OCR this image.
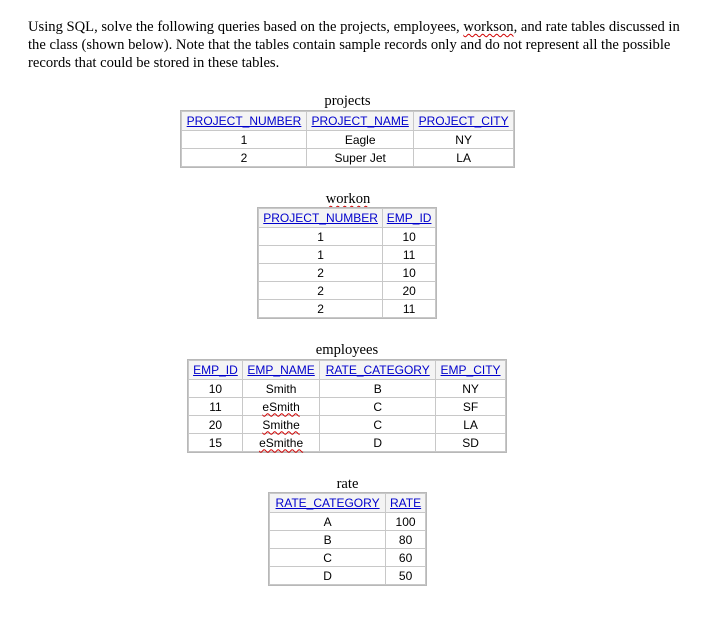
Using SQL, solve the following queries based on the projects, employees, workson, and rate tables discussed in the class (shown below). Note that the tables contain sample records only and do not represent all the possible records that could be stored in these tables.

projects
PROJECT_NUMBER	PROJECT_NAME	PROJECT_CITY
1	Eagle	NY
2	Super Jet	LA
workon
PROJECT_NUMBER	EMP_ID
1	10
1	11
2	10
2	20
2	11
employees
EMP_ID	EMP_NAME	RATE_CATEGORY	EMP_CITY
10	Smith	B	NY
11	eSmith	C	SF
20	Smithe	C	LA
15	eSmithe	D	SD
rate
RATE_CATEGORY	RATE
A	100
B	80
C	60
D	50
